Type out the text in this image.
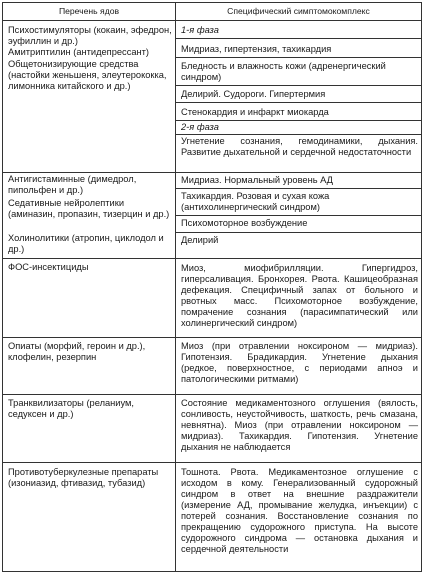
Перечень ядов	Специфический симптомокомплекс
Психостимуляторы (кокаин, эфедрон, эуфиллин и др.)
Амитриптилин (антидепрессант)
Общетонизирующие средства (настойки женьшеня, элеутерококка, лимонника китайского и др.)
1-я фаза
Мидриаз, гипертензия, тахикардия
Бледность и влажность кожи (адренергический синдром)
Делирий. Судороги. Гипертермия
Стенокардия и инфаркт миокарда
2-я фаза
Угнетение сознания, гемодинамики, дыхания. Развитие дыхательной и сердечной недостаточности
Антигистаминные (димедрол, пипольфен и др.)
Седативные нейролептики (аминазин, пропазин, тизерцин и др.)
Холинолитики (атропин, циклодол и др.)
Мидриаз. Нормальный уровень АД
Тахикардия. Розовая и сухая кожа (антихолинергический синдром)
Психомоторное возбуждение
Делирий
ФОС-инсектициды	Миоз, миофибрилляции. Гипергидроз, гиперсаливация. Бронхорея. Рвота. Кашицеобразная дефекация. Специфичный запах от больного и рвотных масс. Психомоторное возбуждение, помрачение сознания (парасимпатический или холинергический синдром)
Опиаты (морфий, героин и др.), клофелин, резерпин
Миоз (при отравлении ноксироном — мидриаз). Гипотензия. Брадикардия. Угнетение дыхания (редкое, поверхностное, с периодами апноэ и патологическими ритмами)
Транквилизаторы (реланиум, седуксен и др.)
Состояние медикаментозного оглушения (вялость, сонливость, неустойчивость, шаткость, речь смазана, невнятна). Миоз (при отравлении ноксироном — мидриаз). Тахикардия. Гипотензия. Угнетение дыхания не наблюдается
Противотуберкулезные препараты (изониазид, фтивазид, тубазид)
Тошнота. Рвота. Медикаментозное оглушение с исходом в кому. Генерализованный судорожный синдром в ответ на внешние раздражители (измерение АД, промывание желудка, инъекции) с потерей сознания. Восстановление сознания по прекращению судорожного приступа. На высоте судорожного синдрома — остановка дыхания и сердечной деятельности
